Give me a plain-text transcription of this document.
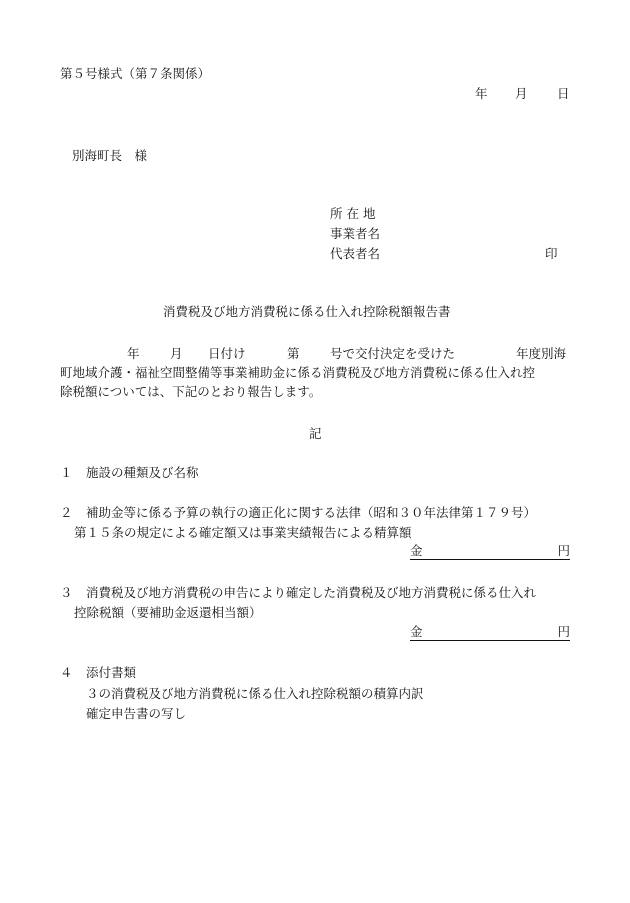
第５号様式（第７条関係）
年 月 日
別海町長　様
所 在 地
事業者名
代表者名	印
消費税及び地方消費税に係る仕入れ控除税額報告書
年 月 日付け	第 号で交付決定を受けた	年度別海
町地域介護・福祉空間整備等事業補助金に係る消費税及び地方消費税に係る仕入れ控
除税額については、下記のとおり報告します。
記
１ 施設の種類及び名称
２ 補助金等に係る予算の執行の適正化に関する法律（昭和３０年法律第１７９号）
第１５条の規定による確定額又は事業実績報告による精算額
金	円
３ 消費税及び地方消費税の申告により確定した消費税及び地方消費税に係る仕入れ
控除税額（要補助金返還相当額）
金	円
４ 添付書類
３の消費税及び地方消費税に係る仕入れ控除税額の積算内訳
確定申告書の写し
